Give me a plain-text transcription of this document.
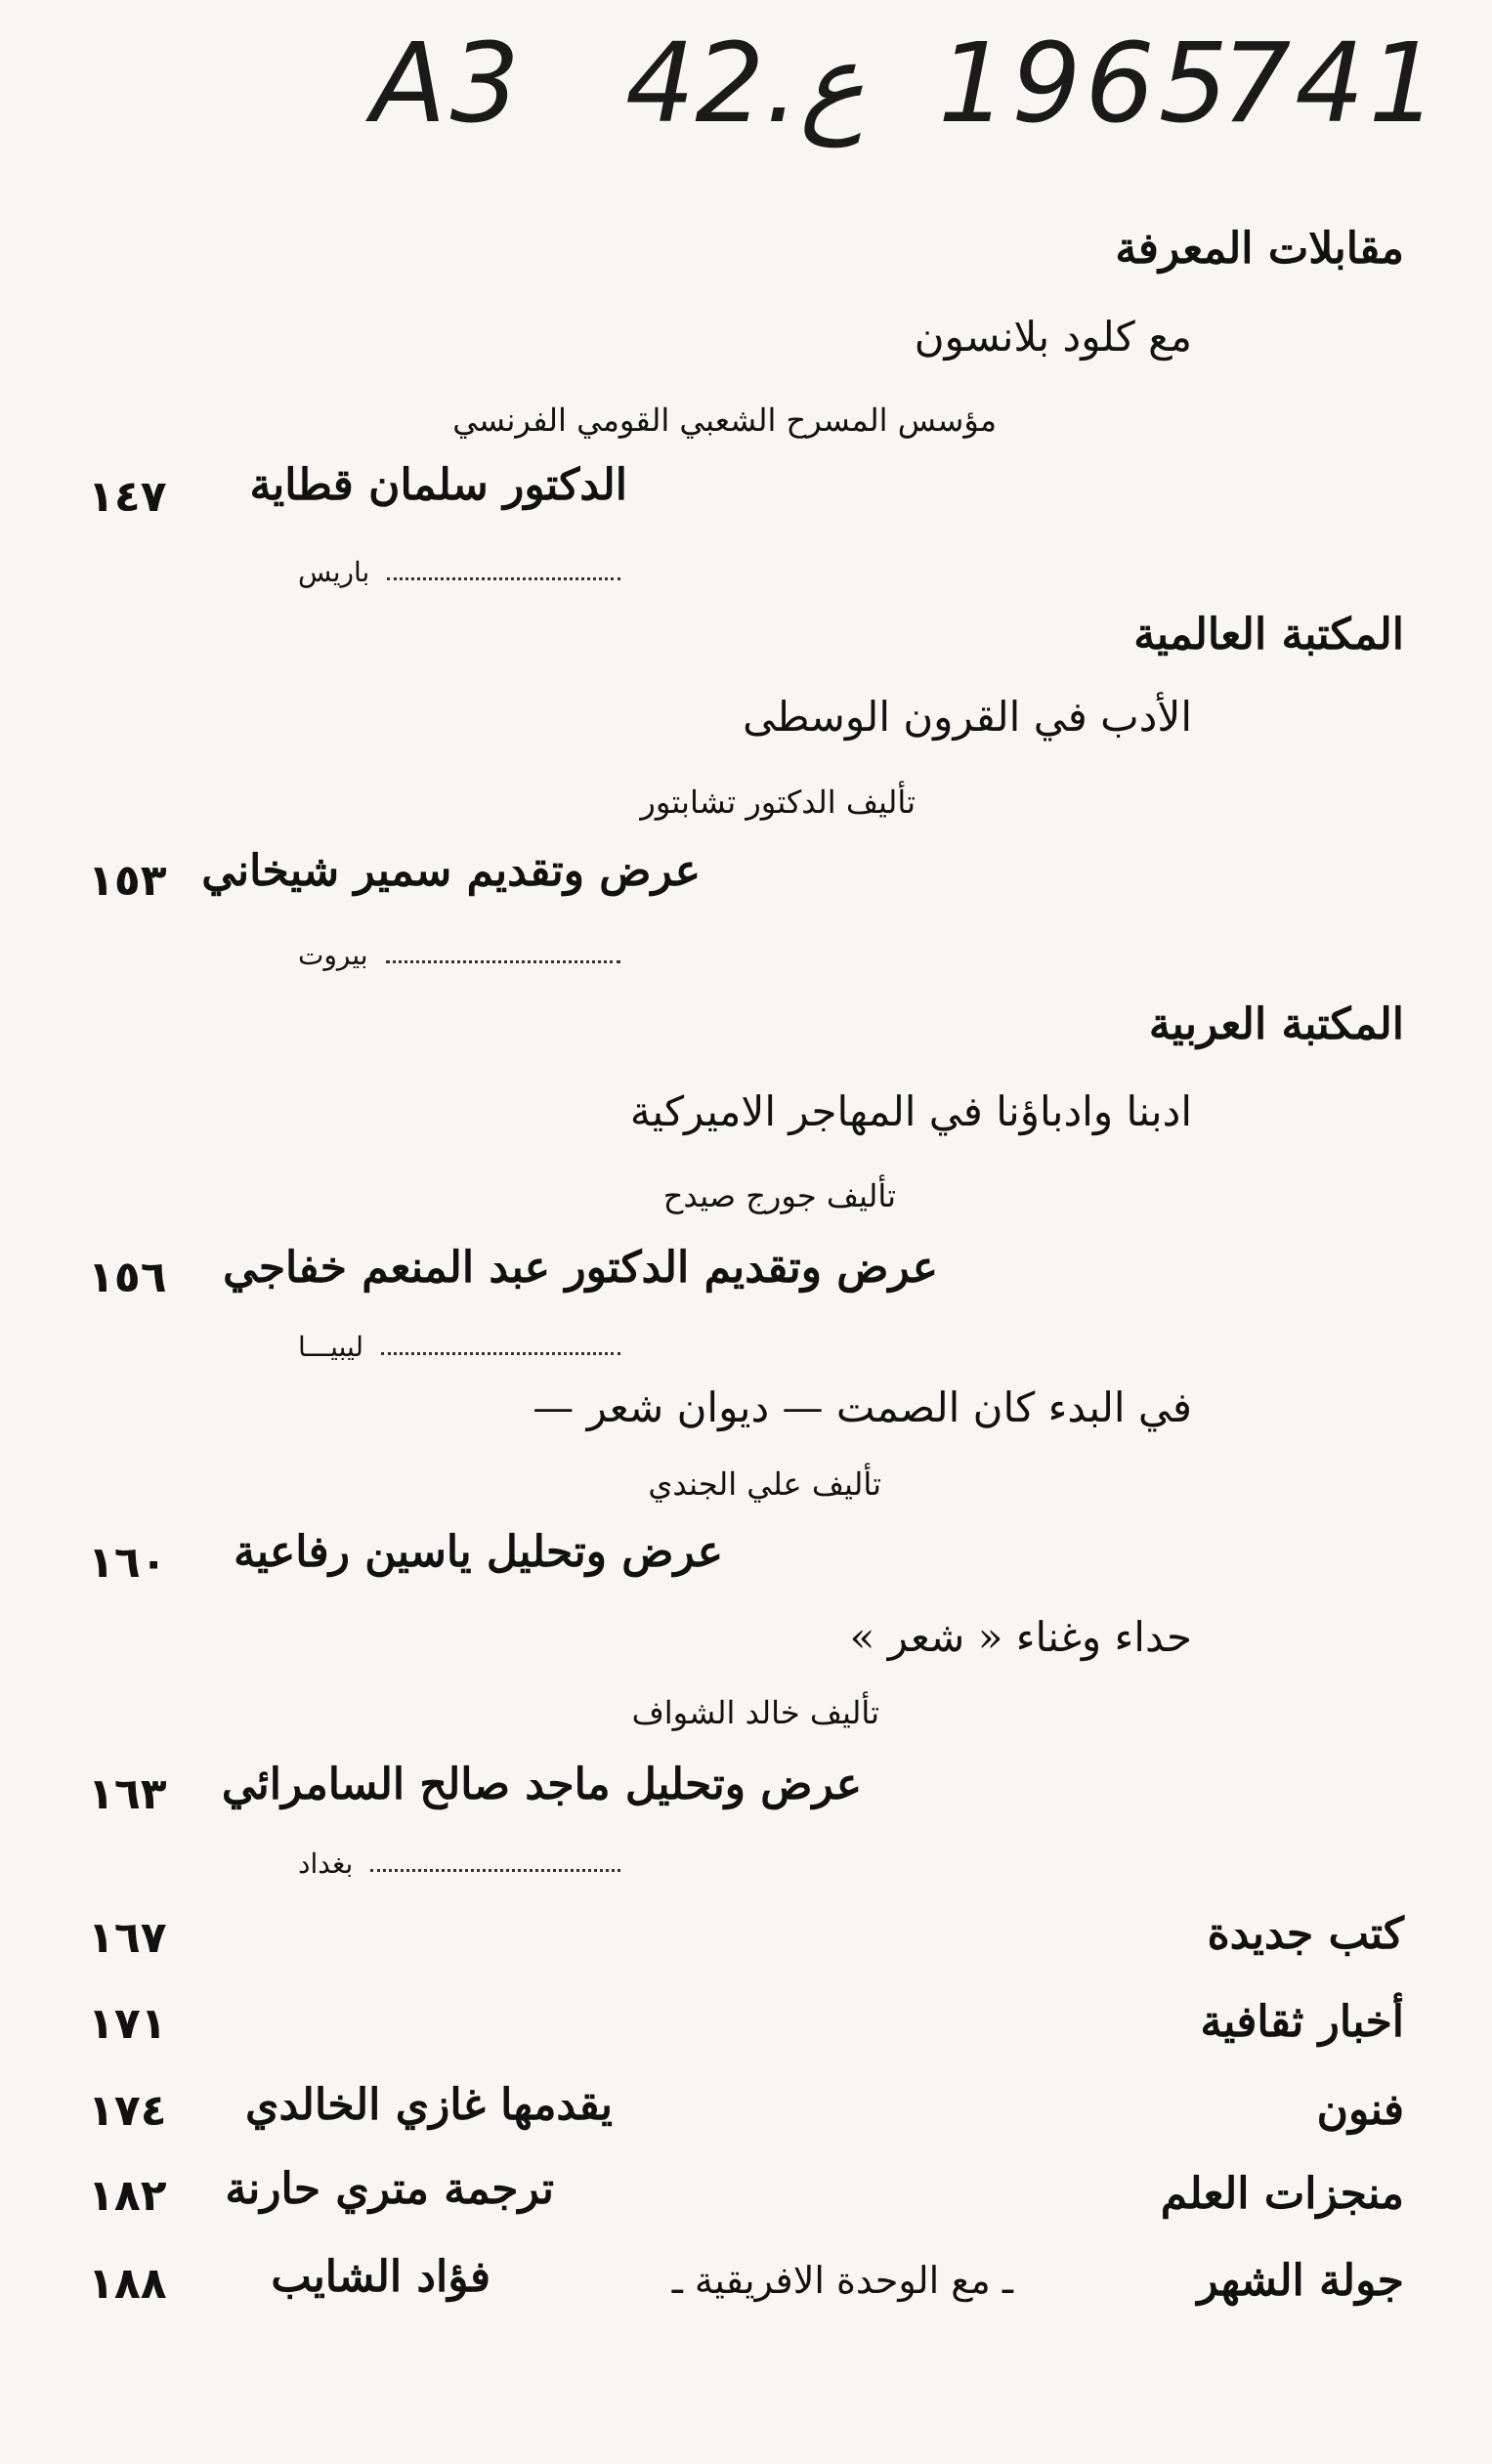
A3 42.ع 1965
741
مقابلات المعرفة
مع كلود بلانسون
مؤسس المسرح الشعبي القومي الفرنسي
الدكتور سلمان قطاية
١٤٧
باريس
المكتبة العالمية
الأدب في القرون الوسطى
تأليف الدكتور تشابتور
عرض وتقديم سمير شيخاني
١٥٣
بيروت
المكتبة العربية
ادبنا وادباؤنا في المهاجر الاميركية
تأليف جورج صيدح
عرض وتقديم الدكتور عبد المنعم خفاجي
١٥٦
ليبيـــا
في البدء كان الصمت — ديوان شعر —
تأليف علي الجندي
عرض وتحليل ياسين رفاعية
١٦٠
حداء وغناء « شعر »
تأليف خالد الشواف
عرض وتحليل ماجد صالح السامرائي
١٦٣
بغداد
كتب جديدة
١٦٧
أخبار ثقافية
١٧١
فنون
يقدمها غازي الخالدي
١٧٤
منجزات العلم
ترجمة متري حارنة
١٨٢
جولة الشهر
ـ مع الوحدة الافريقية ـ
فؤاد الشايب
١٨٨
